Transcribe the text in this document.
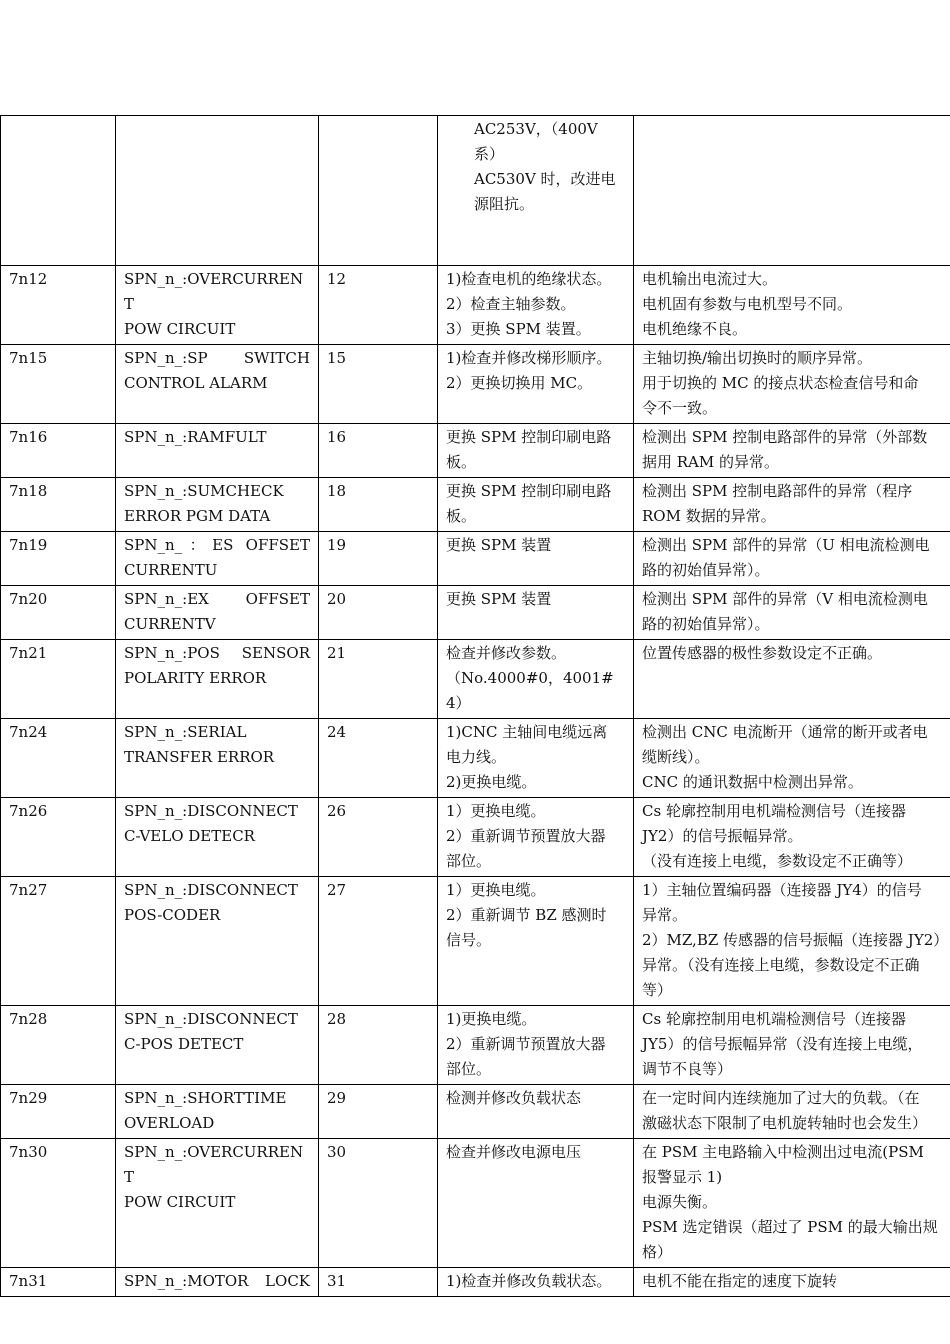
			AC253V，（400V 系）
AC530V 时，改进电
源阻抗。	

7n12	SPN_n_:OVERCURRENT
POW CIRCUIT	12	1)检查电机的绝缘状态。
2）检查主轴参数。
3）更换 SPM 装置。	电机输出电流过大。
电机固有参数与电机型号不同。
电机绝缘不良。

7n15	SPN_n_:SP SWITCH
CONTROL ALARM	15	1)检查并修改梯形顺序。
2）更换切换用 MC。	主轴切换/输出切换时的顺序异常。
用于切换的 MC 的接点状态检查信号和命
令不一致。

7n16	SPN_n_:RAMFULT	16	更换 SPM 控制印刷电路
板。	检测出 SPM 控制电路部件的异常（外部数
据用 RAM 的异常。

7n18	SPN_n_:SUMCHECK
ERROR PGM DATA	18	更换 SPM 控制印刷电路
板。	检测出 SPM 控制电路部件的异常（程序
ROM 数据的异常。

7n19	SPN_n_：ES OFFSET
CURRENTU	19	更换 SPM 装置	检测出 SPM 部件的异常（U 相电流检测电
路的初始值异常）。

7n20	SPN_n_:EX OFFSET
CURRENTV	20	更换 SPM 装置	检测出 SPM 部件的异常（V 相电流检测电
路的初始值异常）。

7n21	SPN_n_:POS SENSOR
POLARITY ERROR	21	检查并修改参数。
（No.4000#0，4001#4）	位置传感器的极性参数设定不正确。

7n24	SPN_n_:SERIAL
TRANSFER ERROR	24	1)CNC 主轴间电缆远离
电力线。
2)更换电缆。	检测出 CNC 电流断开（通常的断开或者电
缆断线）。
CNC 的通讯数据中检测出异常。

7n26	SPN_n_:DISCONNECT
C-VELO DETECR	26	1）更换电缆。
2）重新调节预置放大器
部位。	Cs 轮廓控制用电机端检测信号（连接器
JY2）的信号振幅异常。
（没有连接上电缆，参数设定不正确等）

7n27	SPN_n_:DISCONNECT
POS-CODER	27	1）更换电缆。
2）重新调节 BZ 感测时
信号。	1）主轴位置编码器（连接器 JY4）的信号
异常。
2）MZ,BZ 传感器的信号振幅（连接器 JY2）
异常。（没有连接上电缆，参数设定不正确
等）

7n28	SPN_n_:DISCONNECT
C-POS DETECT	28	1)更换电缆。
2）重新调节预置放大器
部位。	Cs 轮廓控制用电机端检测信号（连接器
JY5）的信号振幅异常（没有连接上电缆，
调节不良等）

7n29	SPN_n_:SHORTTIME
OVERLOAD	29	检测并修改负载状态	在一定时间内连续施加了过大的负载。（在
激磁状态下限制了电机旋转轴时也会发生）

7n30	SPN_n_:OVERCURRENT
POW CIRCUIT	30	检查并修改电源电压	在 PSM 主电路输入中检测出过电流(PSM
报警显示 1)
电源失衡。
PSM 选定错误（超过了 PSM 的最大输出规
格）

7n31	SPN_n_:MOTOR LOCK	31	1)检查并修改负载状态。	电机不能在指定的速度下旋转
